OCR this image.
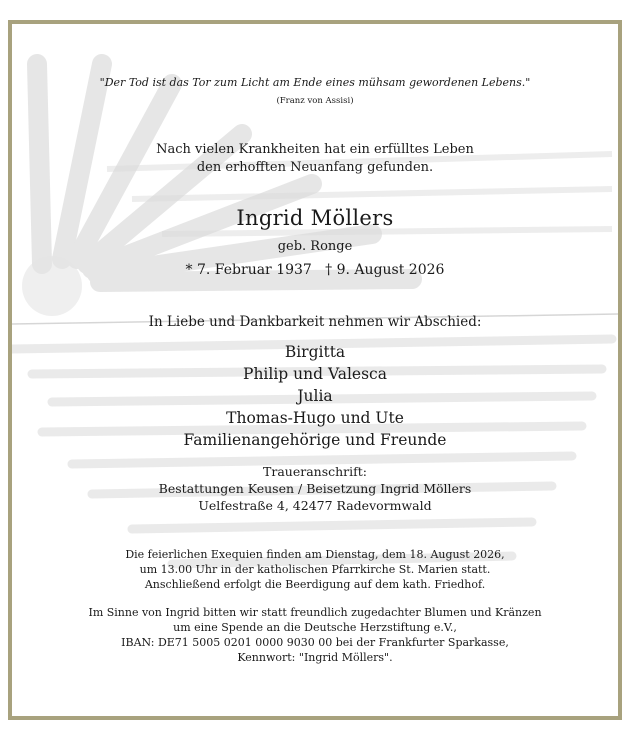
"Der Tod ist das Tor zum Licht am Ende eines mühsam gewordenen Lebens."
(Franz von Assisi)
Nach vielen Krankheiten hat ein erfülltes Leben
den erhofften Neuanfang gefunden.
Ingrid Möllers
geb. Ronge
* 7. Februar 1937   † 9. August 2026
In Liebe und Dankbarkeit nehmen wir Abschied:
Birgitta
Philip und Valesca
Julia
Thomas-Hugo und Ute
Familienangehörige und Freunde
Traueranschrift:
Bestattungen Keusen / Beisetzung Ingrid Möllers
Uelfestraße 4, 42477 Radevormwald
Die feierlichen Exequien finden am Dienstag, dem 18. August 2026,
um 13.00 Uhr in der katholischen Pfarrkirche St. Marien statt.
Anschließend erfolgt die Beerdigung auf dem kath. Friedhof.
Im Sinne von Ingrid bitten wir statt freundlich zugedachter Blumen und Kränzen
um eine Spende an die Deutsche Herzstiftung e.V.,
IBAN: DE71 5005 0201 0000 9030 00 bei der Frankfurter Sparkasse,
Kennwort: "Ingrid Möllers".
